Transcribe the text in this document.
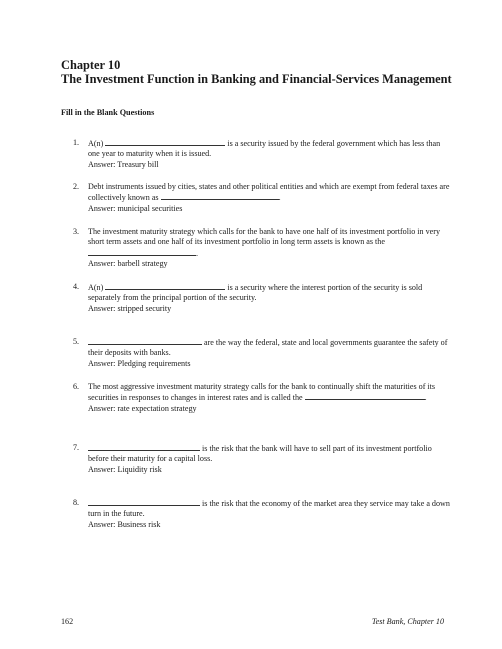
Chapter 10
The Investment Function in Banking and Financial-Services Management
Fill in the Blank Questions
1. A(n)	is a security issued by the federal government which has less than one year to maturity when it is issued.
Answer: Treasury bill
2. Debt instruments issued by cities, states and other political entities and which are exempt from federal taxes are collectively known as	.
Answer: municipal securities
3. The investment maturity strategy which calls for the bank to have one half of its investment portfolio in very short term assets and one half of its investment portfolio in long term assets is known as the .
Answer: barbell strategy
4. A(n)	is a security where the interest portion of the security is sold separately from the principal portion of the security.
Answer: stripped security
5.	are the way the federal, state and local governments guarantee the safety of their deposits with banks.
Answer: Pledging requirements
6. The most aggressive investment maturity strategy calls for the bank to continually shift the maturities of its securities in responses to changes in interest rates and is called the	.
Answer: rate expectation strategy
7.	is the risk that the bank will have to sell part of its investment portfolio before their maturity for a capital loss.
Answer: Liquidity risk
8.	is the risk that the economy of the market area they service may take a down turn in the future.
Answer: Business risk
162	Test Bank, Chapter 10
